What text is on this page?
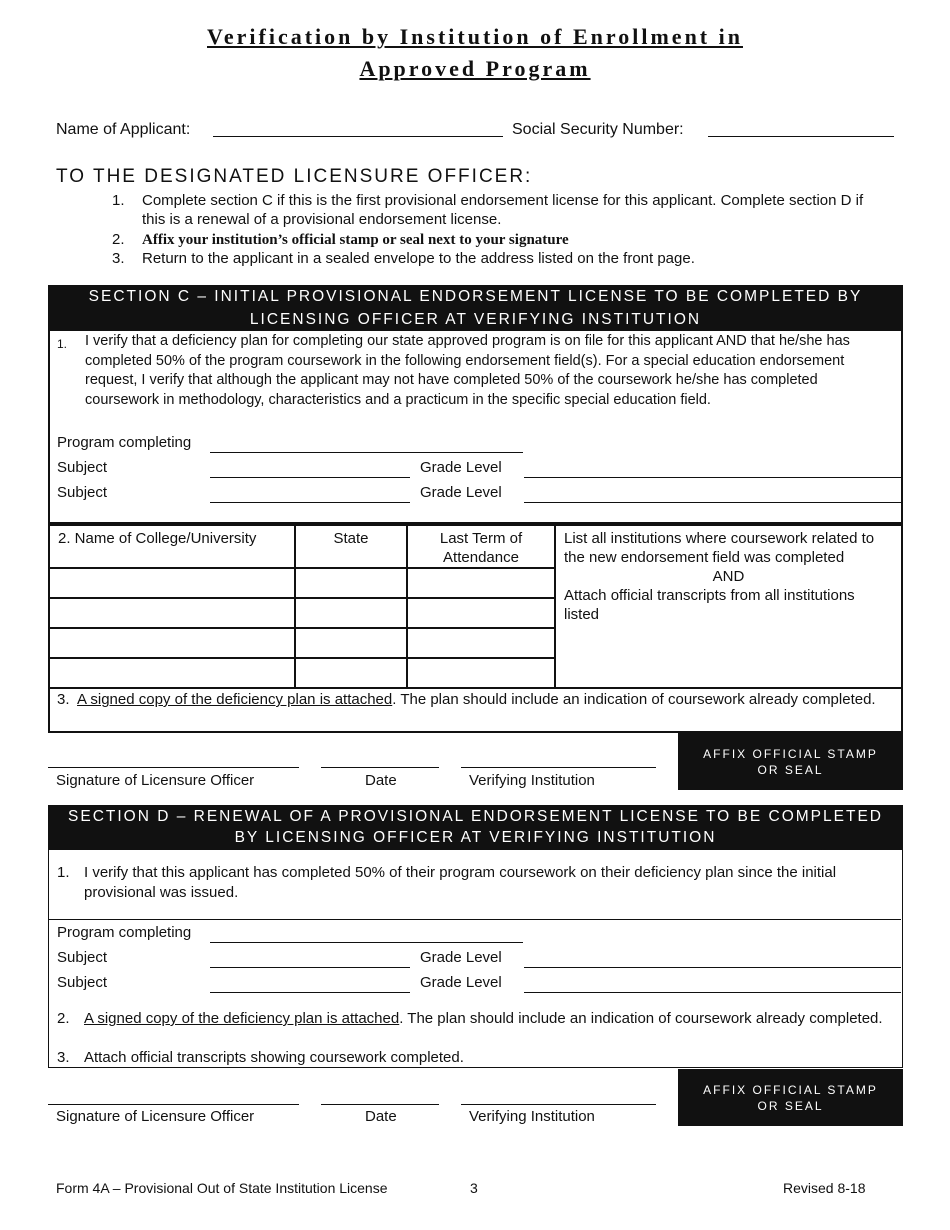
Verification by Institution of Enrollment in
Approved Program
Name of Applicant:	Social Security Number:
TO THE DESIGNATED LICENSURE OFFICER:
1. Complete section C if this is the first provisional endorsement license for this applicant. Complete section D if this is a renewal of a provisional endorsement license.
2. Affix your institution’s official stamp or seal next to your signature
3. Return to the applicant in a sealed envelope to the address listed on the front page.
SECTION C – INITIAL PROVISIONAL ENDORSEMENT LICENSE TO BE COMPLETED BY
LICENSING OFFICER AT VERIFYING INSTITUTION
1. I verify that a deficiency plan for completing our state approved program is on file for this applicant AND that he/she has completed 50% of the program coursework in the following endorsement field(s). For a special education endorsement request, I verify that although the applicant may not have completed 50% of the coursework he/she has completed coursework in methodology, characteristics and a practicum in the specific special education field.
Program completing
Subject	Grade Level
Subject	Grade Level
2. Name of College/University	State	Last Term of Attendance	List all institutions where coursework related to the new endorsement field was completed
AND
Attach official transcripts from all institutions listed

3. A signed copy of the deficiency plan is attached. The plan should include an indication of coursework already completed.
Signature of Licensure Officer	Date	Verifying Institution
AFFIX OFFICIAL STAMP OR SEAL
SECTION D – RENEWAL OF A PROVISIONAL ENDORSEMENT LICENSE TO BE COMPLETED
BY LICENSING OFFICER AT VERIFYING INSTITUTION
1. I verify that this applicant has completed 50% of their program coursework on their deficiency plan since the initial provisional was issued.
Program completing
Subject	Grade Level
Subject	Grade Level
2. A signed copy of the deficiency plan is attached. The plan should include an indication of coursework already completed.
3. Attach official transcripts showing coursework completed.
Signature of Licensure Officer	Date	Verifying Institution
AFFIX OFFICIAL STAMP OR SEAL
Form 4A – Provisional Out of State Institution License	3	Revised 8-18
